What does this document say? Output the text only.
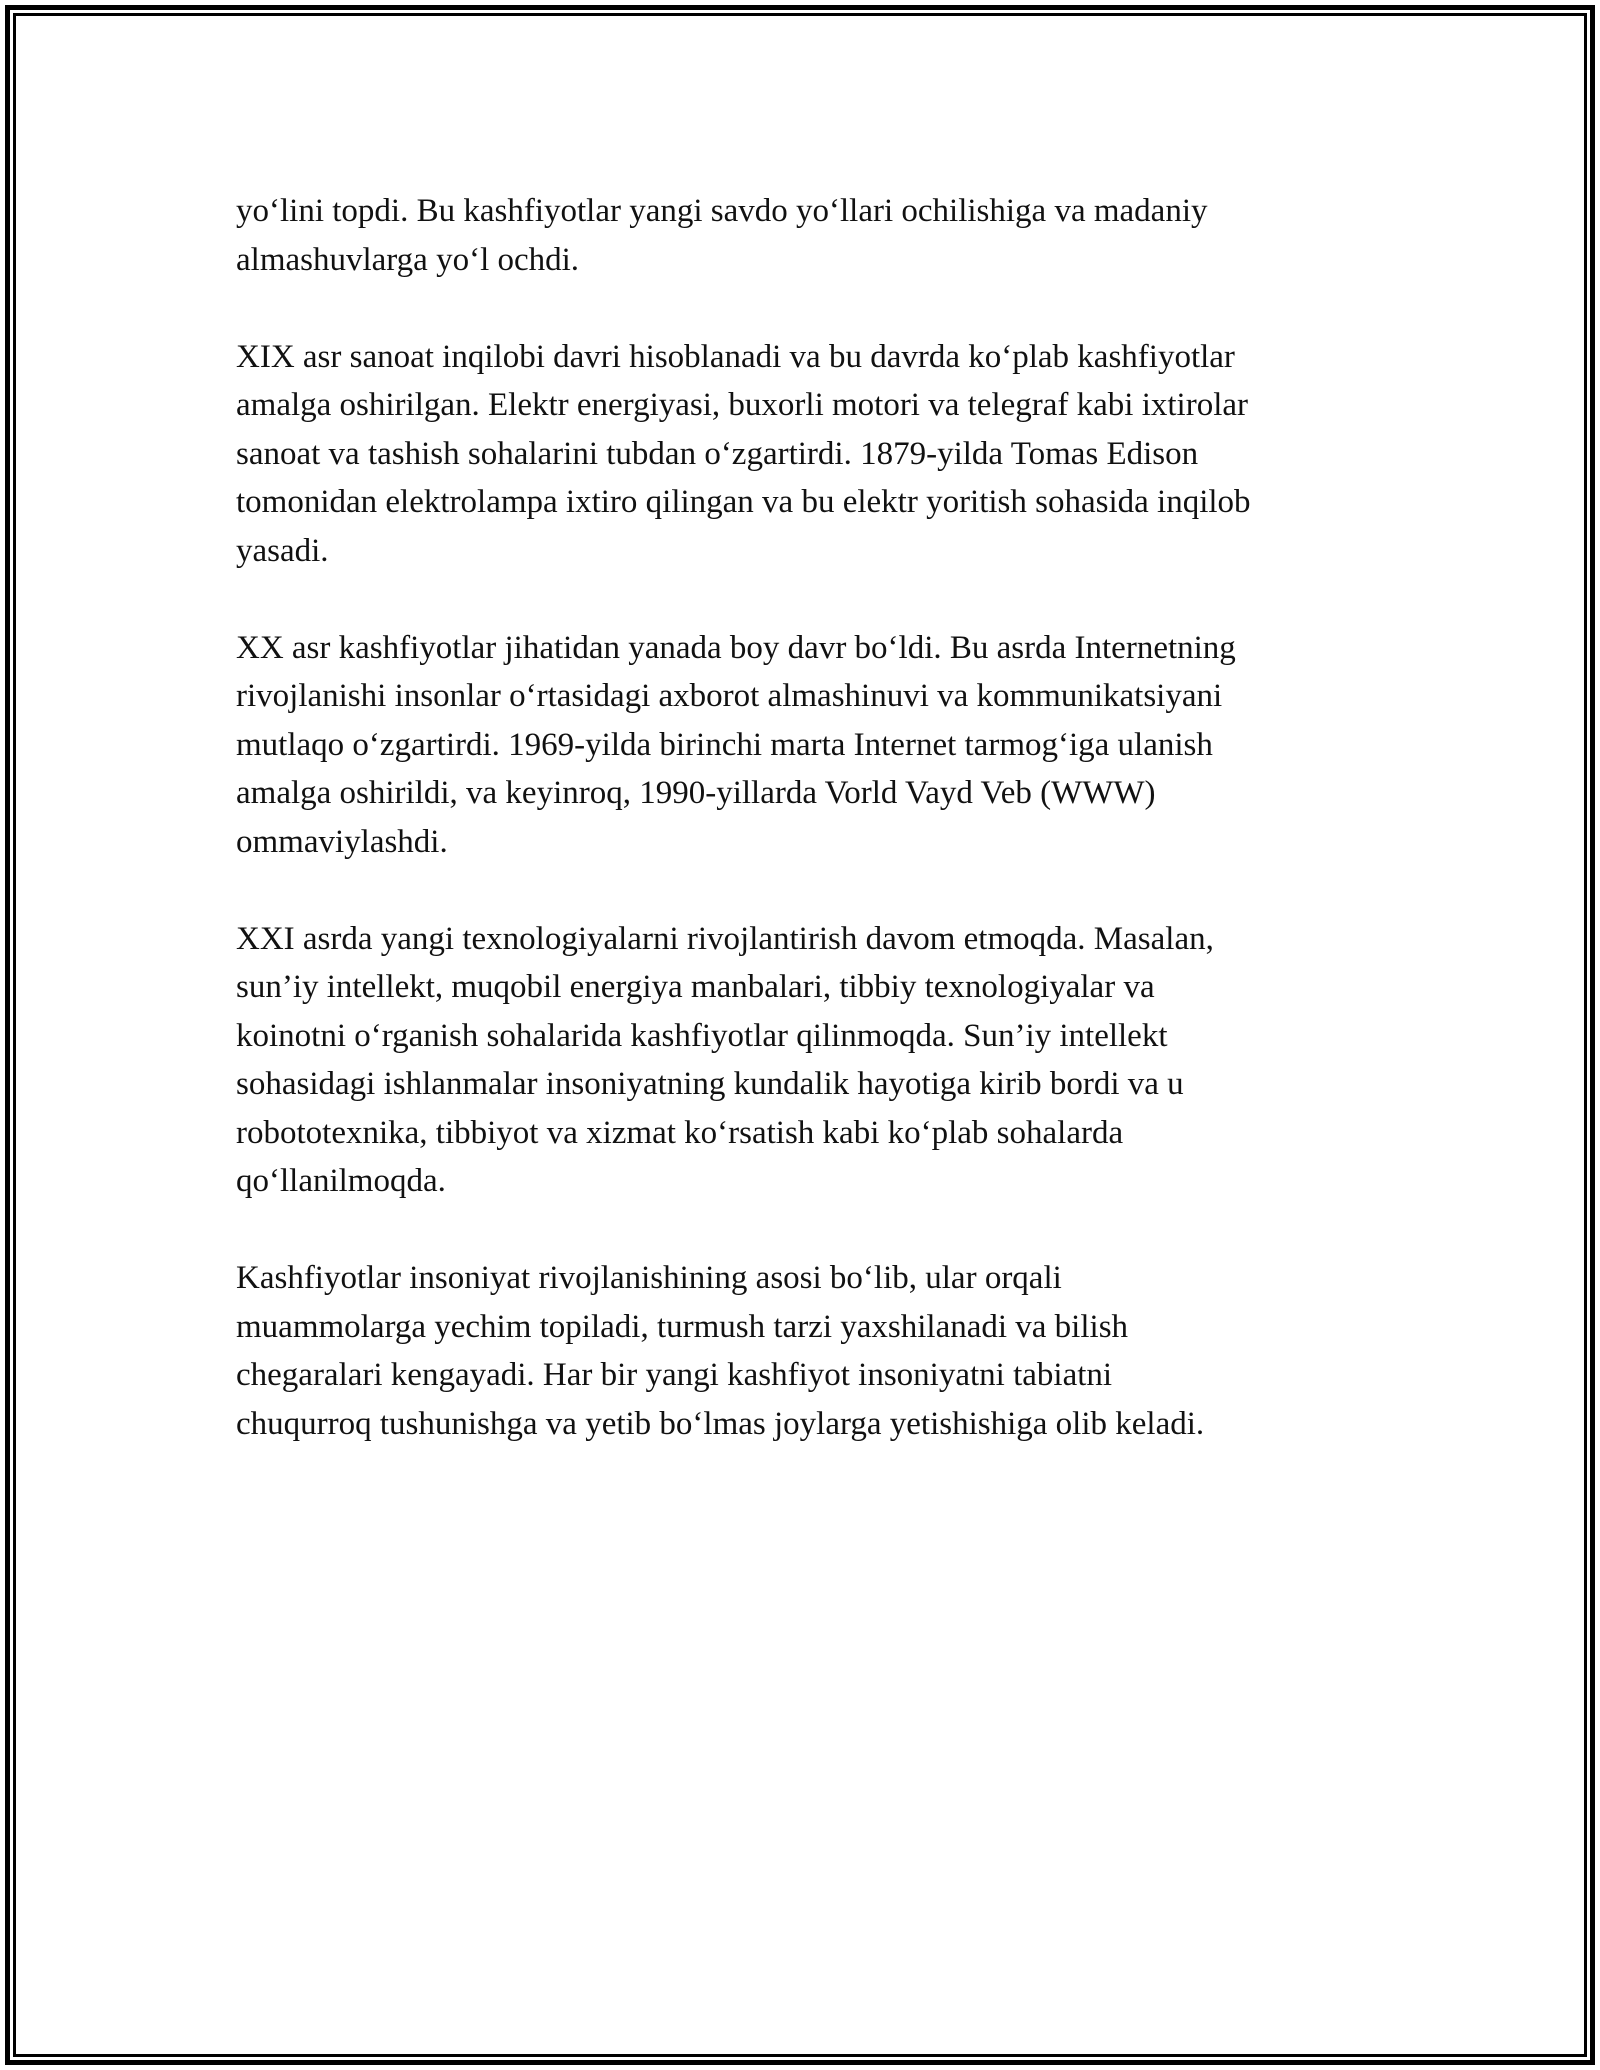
yo‘lini topdi. Bu kashfiyotlar yangi savdo yo‘llari ochilishiga va madaniy
almashuvlarga yo‘l ochdi.

XIX asr sanoat inqilobi davri hisoblanadi va bu davrda ko‘plab kashfiyotlar
amalga oshirilgan. Elektr energiyasi, buxorli motori va telegraf kabi ixtirolar
sanoat va tashish sohalarini tubdan o‘zgartirdi. 1879-yilda Tomas Edison
tomonidan elektrolampa ixtiro qilingan va bu elektr yoritish sohasida inqilob
yasadi.

XX asr kashfiyotlar jihatidan yanada boy davr bo‘ldi. Bu asrda Internetning
rivojlanishi insonlar o‘rtasidagi axborot almashinuvi va kommunikatsiyani
mutlaqo o‘zgartirdi. 1969-yilda birinchi marta Internet tarmog‘iga ulanish
amalga oshirildi, va keyinroq, 1990-yillarda Vorld Vayd Veb (WWW)
ommaviylashdi.

XXI asrda yangi texnologiyalarni rivojlantirish davom etmoqda. Masalan,
sun’iy intellekt, muqobil energiya manbalari, tibbiy texnologiyalar va
koinotni o‘rganish sohalarida kashfiyotlar qilinmoqda. Sun’iy intellekt
sohasidagi ishlanmalar insoniyatning kundalik hayotiga kirib bordi va u
robototexnika, tibbiyot va xizmat ko‘rsatish kabi ko‘plab sohalarda
qo‘llanilmoqda.

Kashfiyotlar insoniyat rivojlanishining asosi bo‘lib, ular orqali
muammolarga yechim topiladi, turmush tarzi yaxshilanadi va bilish
chegaralari kengayadi. Har bir yangi kashfiyot insoniyatni tabiatni
chuqurroq tushunishga va yetib bo‘lmas joylarga yetishishiga olib keladi.
